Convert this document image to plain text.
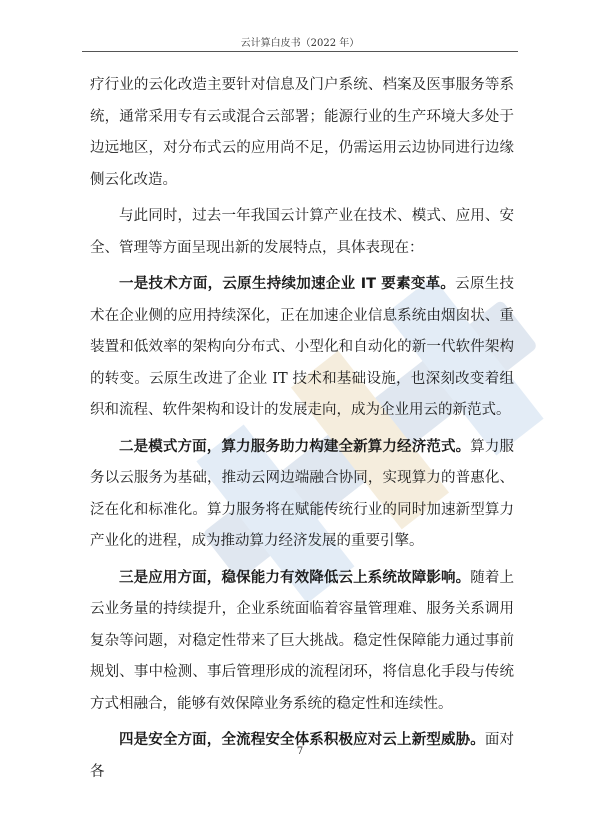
云计算白皮书（2022 年）

疗行业的云化改造主要针对信息及门户系统、档案及医事服务等系统，通常采用专有云或混合云部署；能源行业的生产环境大多处于边远地区，对分布式云的应用尚不足，仍需运用云边协同进行边缘侧云化改造。

与此同时，过去一年我国云计算产业在技术、模式、应用、安全、管理等方面呈现出新的发展特点，具体表现在：

一是技术方面，云原生持续加速企业 IT 要素变革。云原生技术在企业侧的应用持续深化，正在加速企业信息系统由烟囱状、重装置和低效率的架构向分布式、小型化和自动化的新一代软件架构的转变。云原生改进了企业 IT 技术和基础设施，也深刻改变着组织和流程、软件架构和设计的发展走向，成为企业用云的新范式。

二是模式方面，算力服务助力构建全新算力经济范式。算力服务以云服务为基础，推动云网边端融合协同，实现算力的普惠化、泛在化和标准化。算力服务将在赋能传统行业的同时加速新型算力产业化的进程，成为推动算力经济发展的重要引擎。

三是应用方面，稳保能力有效降低云上系统故障影响。随着上云业务量的持续提升，企业系统面临着容量管理难、服务关系调用复杂等问题，对稳定性带来了巨大挑战。稳定性保障能力通过事前规划、事中检测、事后管理形成的流程闭环，将信息化手段与传统方式相融合，能够有效保障业务系统的稳定性和连续性。

四是安全方面，全流程安全体系积极应对云上新型威胁。面对各

7
